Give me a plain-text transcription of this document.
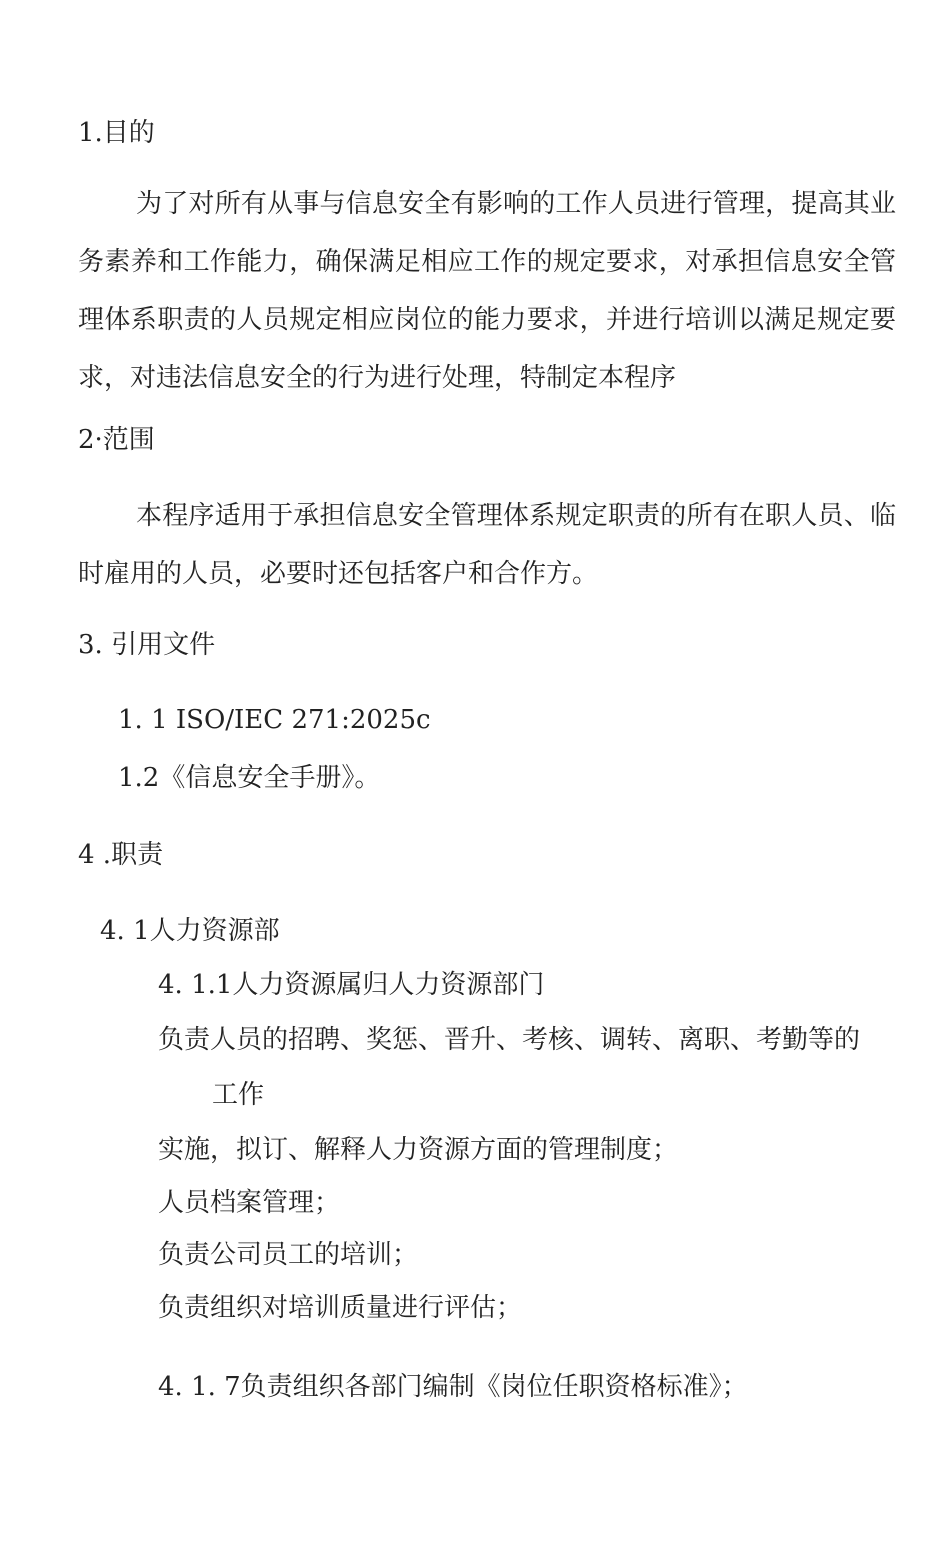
1.目的
为了对所有从事与信息安全有影响的工作人员进行管理，提高其业务素养和工作能力，确保满足相应工作的规定要求，对承担信息安全管理体系职责的人员规定相应岗位的能力要求，并进行培训以满足规定要求，对违法信息安全的行为进行处理，特制定本程序
2·范围
本程序适用于承担信息安全管理体系规定职责的所有在职人员、临时雇用的人员，必要时还包括客户和合作方。
3. 引用文件
1. 1 ISO/IEC 271:2025c
1.2《信息安全手册》。
4 .职责
4. 1人力资源部
4. 1.1人力资源属归人力资源部门
负责人员的招聘、奖惩、晋升、考核、调转、离职、考勤等的
工作
实施，拟订、解释人力资源方面的管理制度；
人员档案管理；
负责公司员工的培训；
负责组织对培训质量进行评估；
4. 1. 7负责组织各部门编制《岗位任职资格标准》；
